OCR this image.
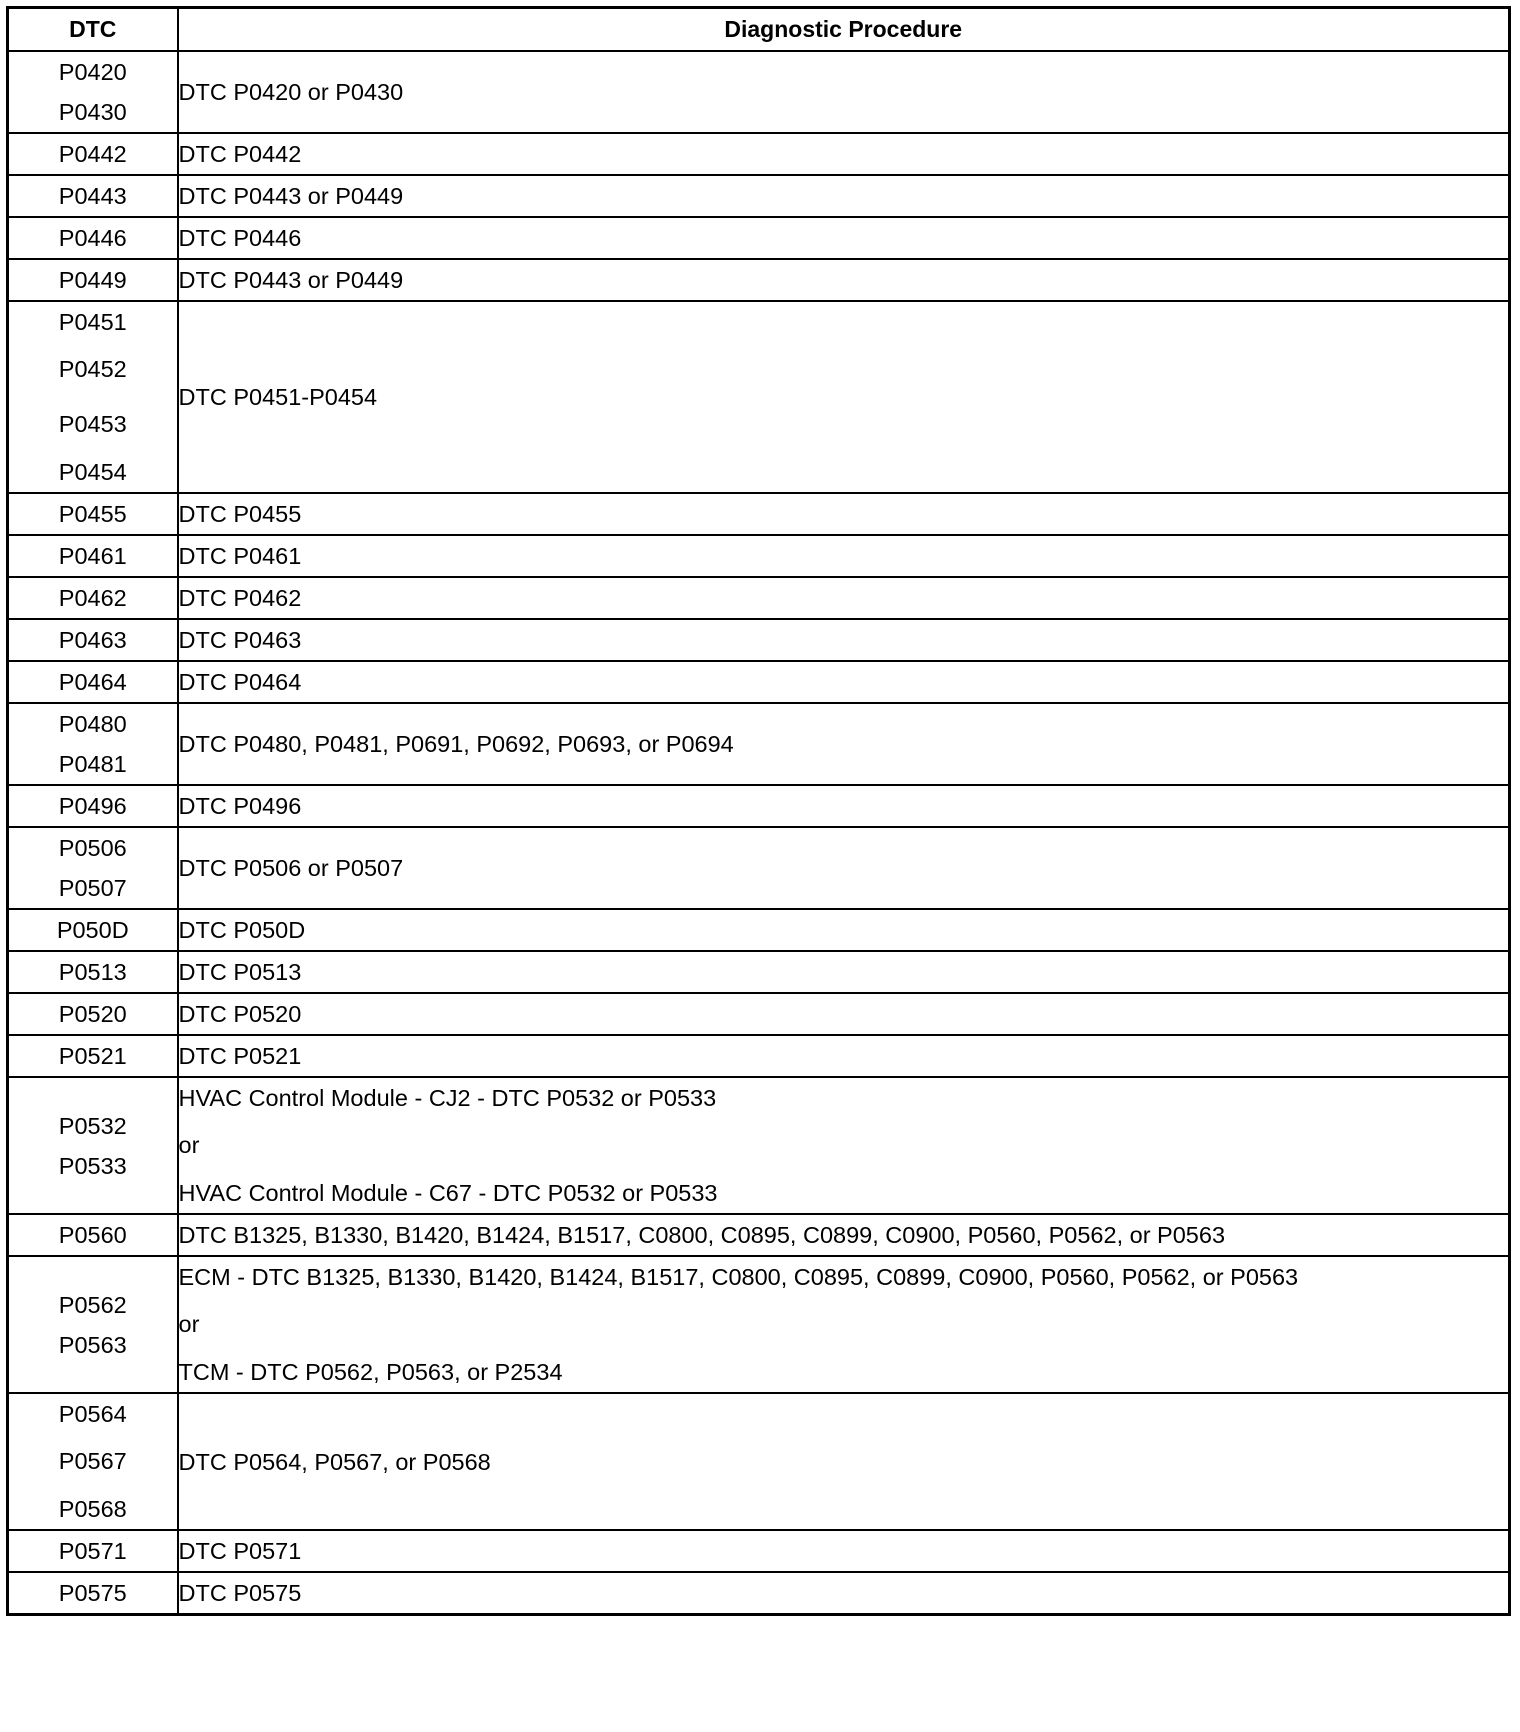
DTC	Diagnostic Procedure

P0420
P0430	DTC P0420 or P0430

P0442	DTC P0442

P0443	DTC P0443 or P0449

P0446	DTC P0446

P0449	DTC P0443 or P0449

P0451
P0452
P0453
P0454	DTC P0451-P0454

P0455	DTC P0455

P0461	DTC P0461

P0462	DTC P0462

P0463	DTC P0463

P0464	DTC P0464

P0480
P0481	DTC P0480, P0481, P0691, P0692, P0693, or P0694

P0496	DTC P0496

P0506
P0507	DTC P0506 or P0507

P050D	DTC P050D

P0513	DTC P0513

P0520	DTC P0520

P0521	DTC P0521

P0532
P0533	HVAC Control Module - CJ2 - DTC P0532 or P0533
or
HVAC Control Module - C67 - DTC P0532 or P0533

P0560	DTC B1325, B1330, B1420, B1424, B1517, C0800, C0895, C0899, C0900, P0560, P0562, or P0563

P0562
P0563	ECM - DTC B1325, B1330, B1420, B1424, B1517, C0800, C0895, C0899, C0900, P0560, P0562, or P0563
or
TCM - DTC P0562, P0563, or P2534

P0564
P0567
P0568	DTC P0564, P0567, or P0568

P0571	DTC P0571

P0575	DTC P0575
